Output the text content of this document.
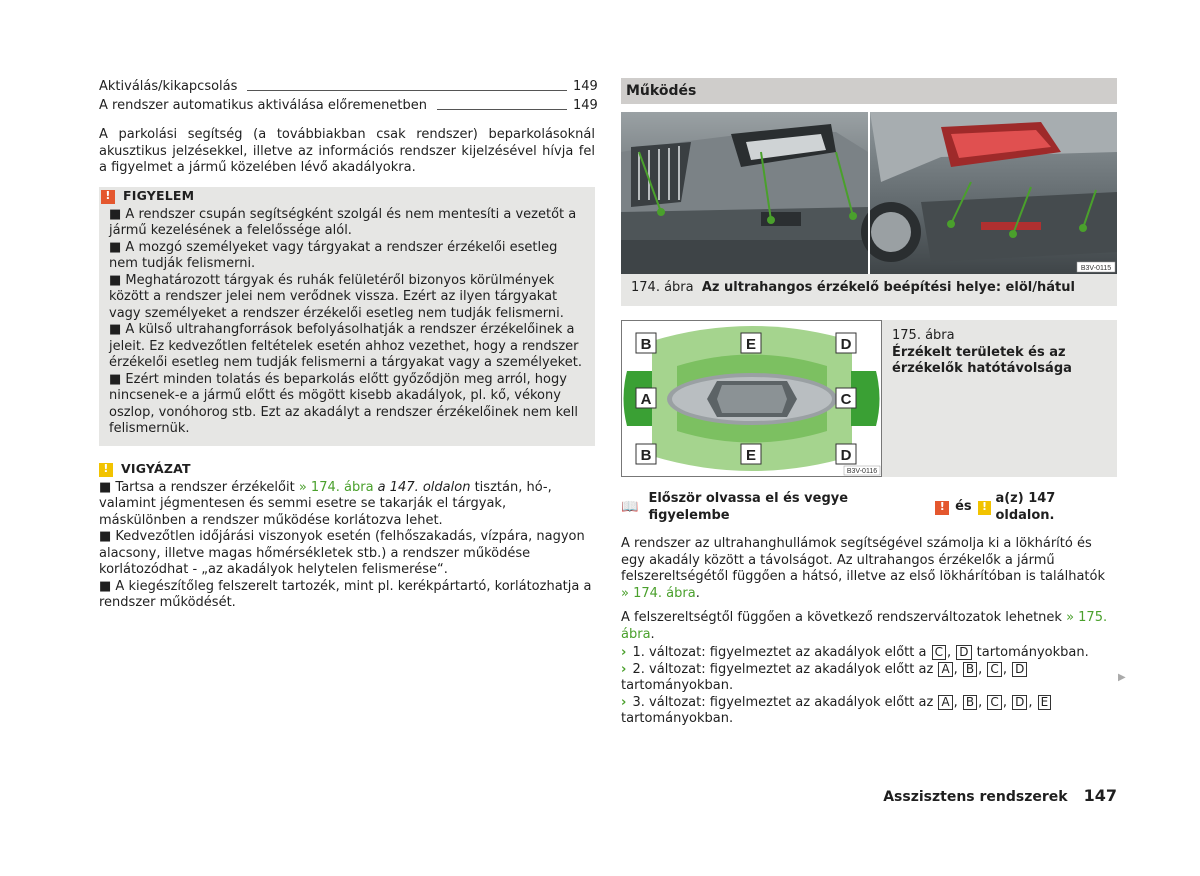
Aktiválás/kikapcsolás	149
A rendszer automatikus aktiválása előremenetben	149

A parkolási segítség (a továbbiakban csak rendszer) beparkolásoknál akusztikus jelzésekkel, illetve az információs rendszer kijelzésével hívja fel a figyelmet a jármű közelében lévő akadályokra.

! FIGYELEM
■ A rendszer csupán segítségként szolgál és nem mentesíti a vezetőt a jármű kezelésének a felelőssége alól.
■ A mozgó személyeket vagy tárgyakat a rendszer érzékelői esetleg nem tudják felismerni.
■ Meghatározott tárgyak és ruhák felületéről bizonyos körülmények között a rendszer jelei nem verődnek vissza. Ezért az ilyen tárgyakat vagy személyeket a rendszer érzékelői esetleg nem tudják felismerni.
■ A külső ultrahangforrások befolyásolhatják a rendszer érzékelőinek a jeleit. Ez kedvezőtlen feltételek esetén ahhoz vezethet, hogy a rendszer érzékelői esetleg nem tudják felismerni a tárgyakat vagy a személyeket.
■ Ezért minden tolatás és beparkolás előtt győződjön meg arról, hogy nincsenek-e a jármű előtt és mögött kisebb akadályok, pl. kő, vékony oszlop, vonóhorog stb. Ezt az akadályt a rendszer érzékelőinek nem kell felismernük.
! VIGYÁZAT
■ Tartsa a rendszer érzékelőit » 174. ábra a 147. oldalon tisztán, hó-, valamint jégmentesen és semmi esetre se takarják el tárgyak, máskülönben a rendszer működése korlátozva lehet.
■ Kedvezőtlen időjárási viszonyok esetén (felhőszakadás, vízpára, nagyon alacsony, illetve magas hőmérsékletek stb.) a rendszer működése korlátozódhat - „az akadályok helytelen felismerése“.
■ A kiegészítőleg felszerelt tartozék, mint pl. kerékpártartó, korlátozhatja a rendszer működését.
Működés
B3V-0115
174. ábra Az ultrahangos érzékelő beépítési helye: elöl/hátul
B	E	D
A	C
B	E	D
B3V-0116
175. ábra
Érzékelt területek és az érzékelők hatótávolsága
📖
Először olvassa el és vegye figyelembe
! és !
a(z) 147 oldalon.

A rendszer az ultrahanghullámok segítségével számolja ki a lökhárító és egy akadály között a távolságot. Az ultrahangos érzékelők a jármű felszereltségétől függően a hátsó, illetve az első lökhárítóban is találhatók » 174. ábra.

A felszereltségtől függően a következő rendszerváltozatok lehetnek » 175. ábra.

› 1. változat: figyelmeztet az akadályok előtt a C , D tartományokban.
› 2. változat: figyelmeztet az akadályok előtt az A , B , C , D tartományokban.
› 3. változat: figyelmeztet az akadályok előtt az A , B , C , D , E tartományokban.
▶
Asszisztens rendszerek 147
